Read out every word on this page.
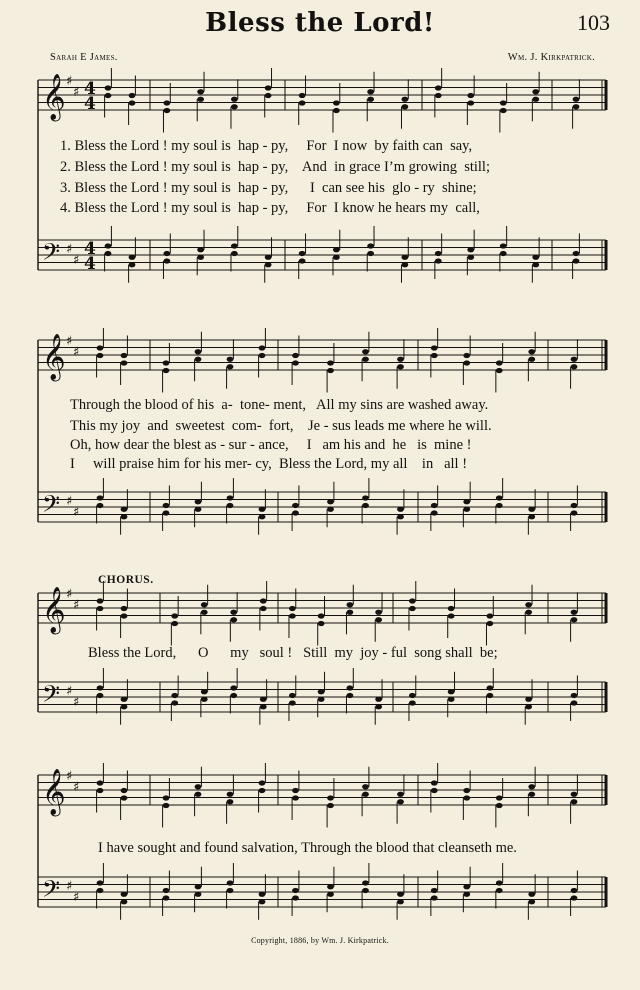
Bless the Lord!	103
Sarah E James.	Wm. J. Kirkpatrick.
𝄞
𝄢
♯
♯
♯
♯
4
4
4
4
𝄞
𝄢
♯
♯
♯
♯
𝄞
𝄢
♯
♯
♯
♯
𝄞
𝄢
♯
♯
♯
♯
1. Bless the Lord ! my soul is  hap - py,     For  I now  by faith can  say,
2. Bless the Lord ! my soul is  hap - py,    And  in grace I’m growing  still;
3. Bless the Lord ! my soul is  hap - py,      I  can see his  glo - ry  shine;
4. Bless the Lord ! my soul is  hap - py,     For  I know he hears my  call,
Through the blood of his  a-  tone- ment,   All my sins are washed away.
This my joy  and  sweetest  com-  fort,    Je - sus leads me where he will.
Oh, how dear the blest as - sur - ance,     I   am his and  he   is  mine !
I     will praise him for his mer- cy,  Bless the Lord, my all    in   all !
CHORUS.
Bless the Lord,      O      my   soul !   Still  my  joy - ful  song shall  be;
I have sought and found salvation, Through the blood that cleanseth me.
Copyright, 1886, by Wm. J. Kirkpatrick.
